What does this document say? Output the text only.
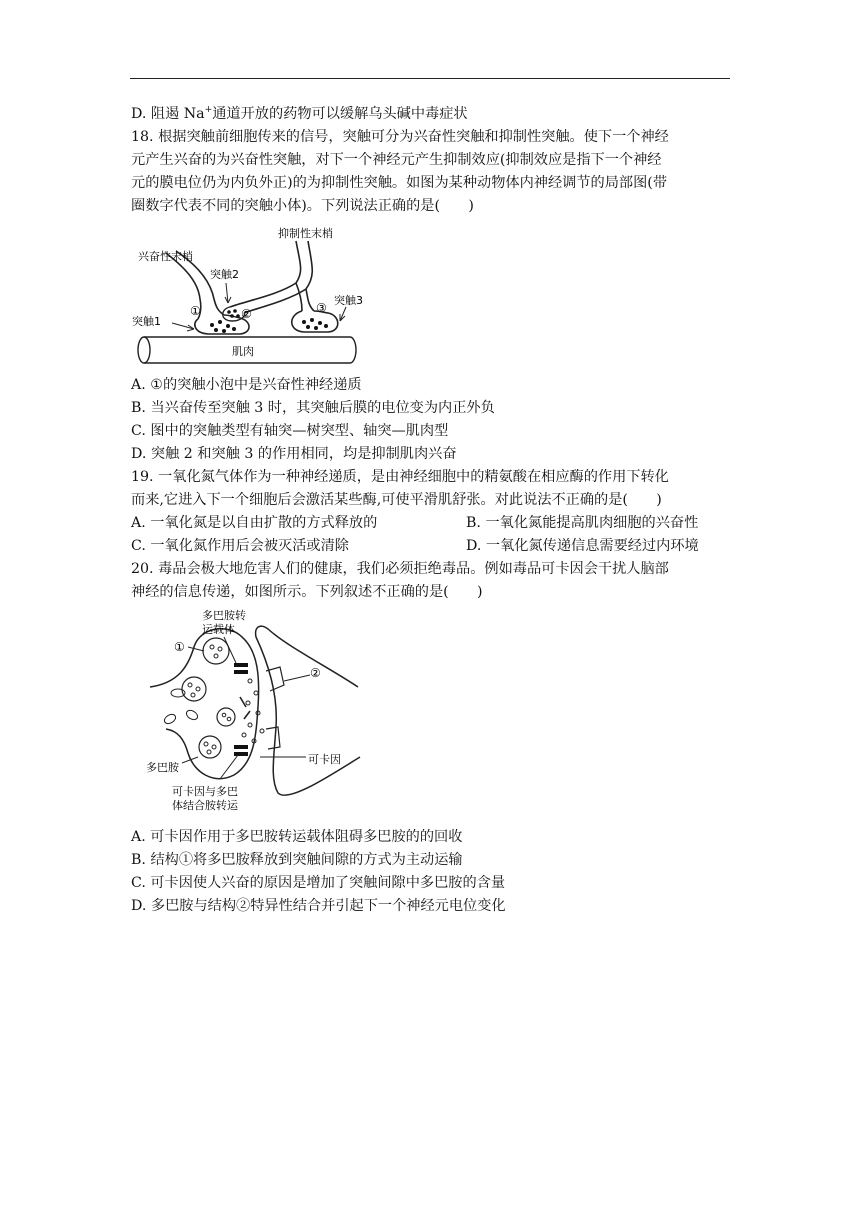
D. 阻遏 Na+通道开放的药物可以缓解乌头碱中毒症状
18. 根据突触前细胞传来的信号，突触可分为兴奋性突触和抑制性突触。使下一个神经
元产生兴奋的为兴奋性突触，对下一个神经元产生抑制效应(抑制效应是指下一个神经
元的膜电位仍为内负外正)的为抑制性突触。如图为某种动物体内神经调节的局部图(带
圈数字代表不同的突触小体)。下列说法正确的是(　　)
抑制性末梢
兴奋性末梢
突触2
突触3
突触1
肌肉
①	②	③
A. ①的突触小泡中是兴奋性神经递质
B. 当兴奋传至突触 3 时，其突触后膜的电位变为内正外负
C. 图中的突触类型有轴突—树突型、轴突—肌肉型
D. 突触 2 和突触 3 的作用相同，均是抑制肌肉兴奋
19. 一氧化氮气体作为一种神经递质，是由神经细胞中的精氨酸在相应酶的作用下转化
而来,它进入下一个细胞后会激活某些酶,可使平滑肌舒张。对此说法不正确的是(　　)
A. 一氧化氮是以自由扩散的方式释放的	B. 一氧化氮能提高肌肉细胞的兴奋性
C. 一氧化氮作用后会被灭活或清除	D. 一氧化氮传递信息需要经过内环境
20. 毒品会极大地危害人们的健康，我们必须拒绝毒品。例如毒品可卡因会干扰人脑部
神经的信息传递，如图所示。下列叙述不正确的是(　　)
多巴胺转
运载体
①
②
多巴胺
可卡因
可卡因与多巴
体结合胺转运
A. 可卡因作用于多巴胺转运载体阻碍多巴胺的的回收
B. 结构①将多巴胺释放到突触间隙的方式为主动运输
C. 可卡因使人兴奋的原因是增加了突触间隙中多巴胺的含量
D. 多巴胺与结构②特异性结合并引起下一个神经元电位变化
